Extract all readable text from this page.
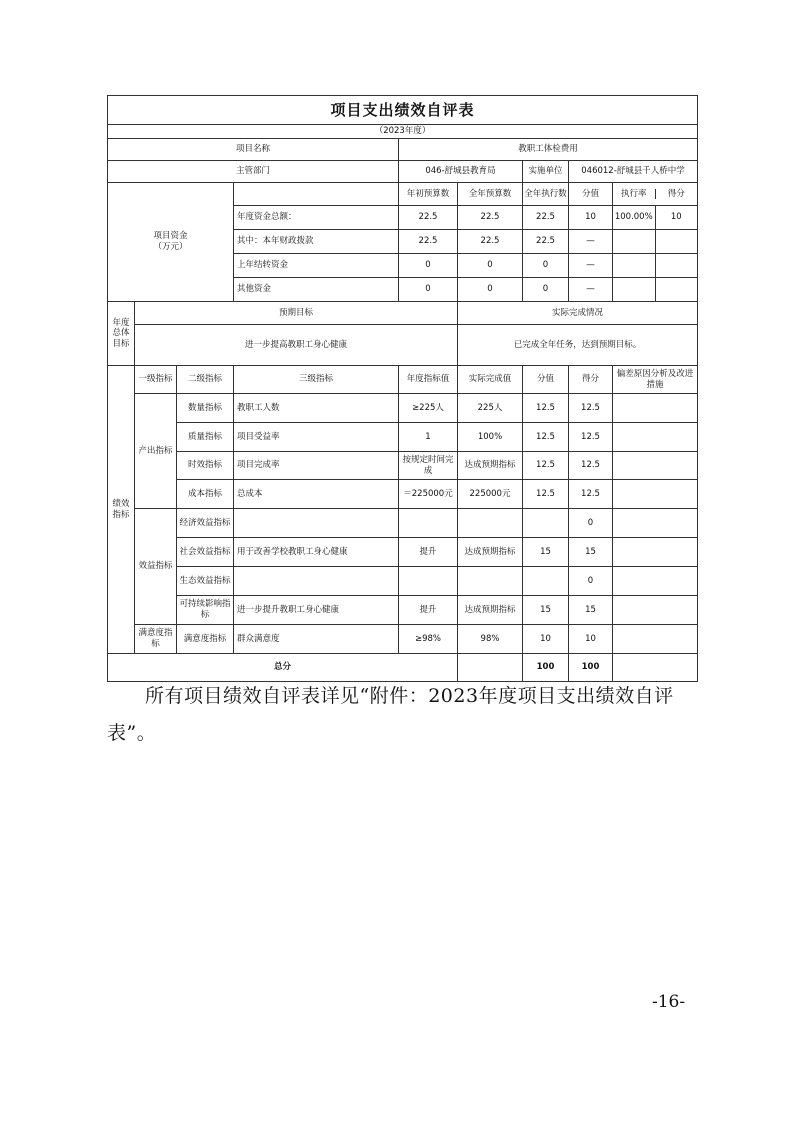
项目支出绩效自评表								
（2023年度）								
项目名称				教职工体检费用				
主管部门				046-舒城县教育局		实施单位	046012-舒城县千人桥中学	
项目资金
（万元）				年初预算数	全年预算数	全年执行数	分值	执行率 得分

			年度资金总额：	22.5	22.5	22.5	10	100.00% 10

			其中：本年财政拨款	22.5	22.5	22.5	—	

			上年结转资金	0	0	0	—	

			其他资金	0	0	0	—	

年度
总体
目标	预期目标				实际完成情况			
	进一步提高教职工身心健康				已完成全年任务，达到预期目标。			
绩效
指标	一级指标	二级指标	三级指标	年度指标值	实际完成值	分值	得分	偏差原因分析及改进措施
	产出指标	数量指标	教职工人数	≥225人	225人	12.5	12.5	
		质量指标	项目受益率	1	100%	12.5	12.5	
		时效指标	项目完成率	按规定时间完成	达成预期指标	12.5	12.5	
		成本指标	总成本	＝225000元	225000元	12.5	12.5	
	效益指标	经济效益指标					0	
		社会效益指标	用于改善学校教职工身心健康	提升	达成预期指标	15	15	
		生态效益指标					0	
		可持续影响指标	进一步提升教职工身心健康	提升	达成预期指标	15	15	
	满意度指标	满意度指标	群众满意度	≥98%	98%	10	10	
总分						100	100	

所有项目绩效自评表详见“附件：2023年度项目支出绩效自评表”。

-16-
